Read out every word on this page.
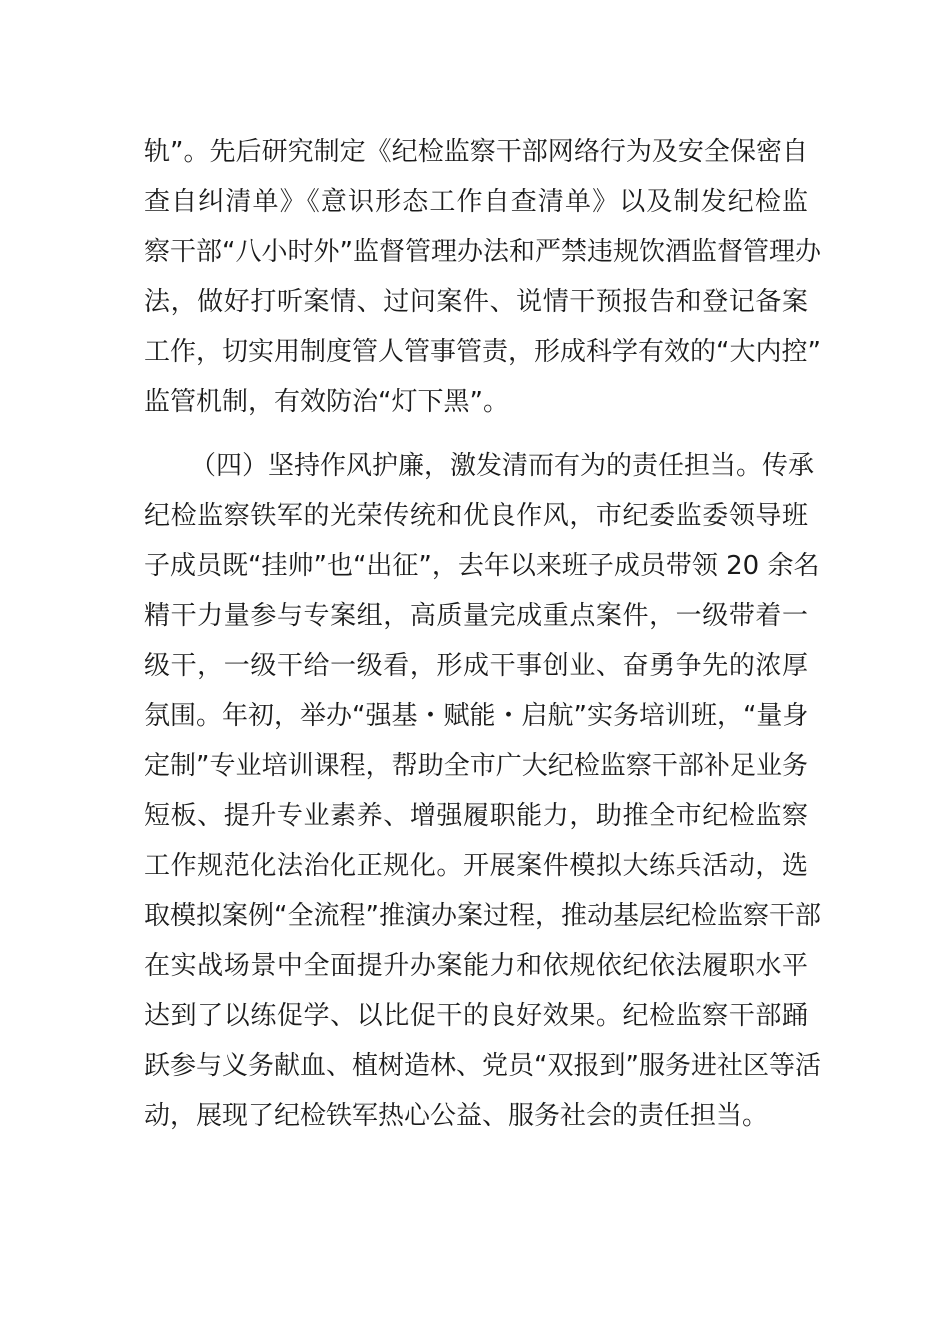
轨”。先后研究制定《纪检监察干部网络行为及安全保密自
查自纠清单》《意识形态工作自查清单》以及制发纪检监
察干部“八小时外”监督管理办法和严禁违规饮酒监督管理办
法，做好打听案情、过问案件、说情干预报告和登记备案
工作，切实用制度管人管事管责，形成科学有效的“大内控”
监管机制，有效防治“灯下黑”。
（四）坚持作风护廉，激发清而有为的责任担当。传承
纪检监察铁军的光荣传统和优良作风，市纪委监委领导班
子成员既“挂帅”也“出征”，去年以来班子成员带领 20 余名
精干力量参与专案组，高质量完成重点案件，一级带着一
级干，一级干给一级看，形成干事创业、奋勇争先的浓厚
氛围。年初，举办“强基・赋能・启航”实务培训班，“量身
定制”专业培训课程，帮助全市广大纪检监察干部补足业务
短板、提升专业素养、增强履职能力，助推全市纪检监察
工作规范化法治化正规化。开展案件模拟大练兵活动，选
取模拟案例“全流程”推演办案过程，推动基层纪检监察干部
在实战场景中全面提升办案能力和依规依纪依法履职水平
达到了以练促学、以比促干的良好效果。纪检监察干部踊
跃参与义务献血、植树造林、党员“双报到”服务进社区等活
动，展现了纪检铁军热心公益、服务社会的责任担当。
